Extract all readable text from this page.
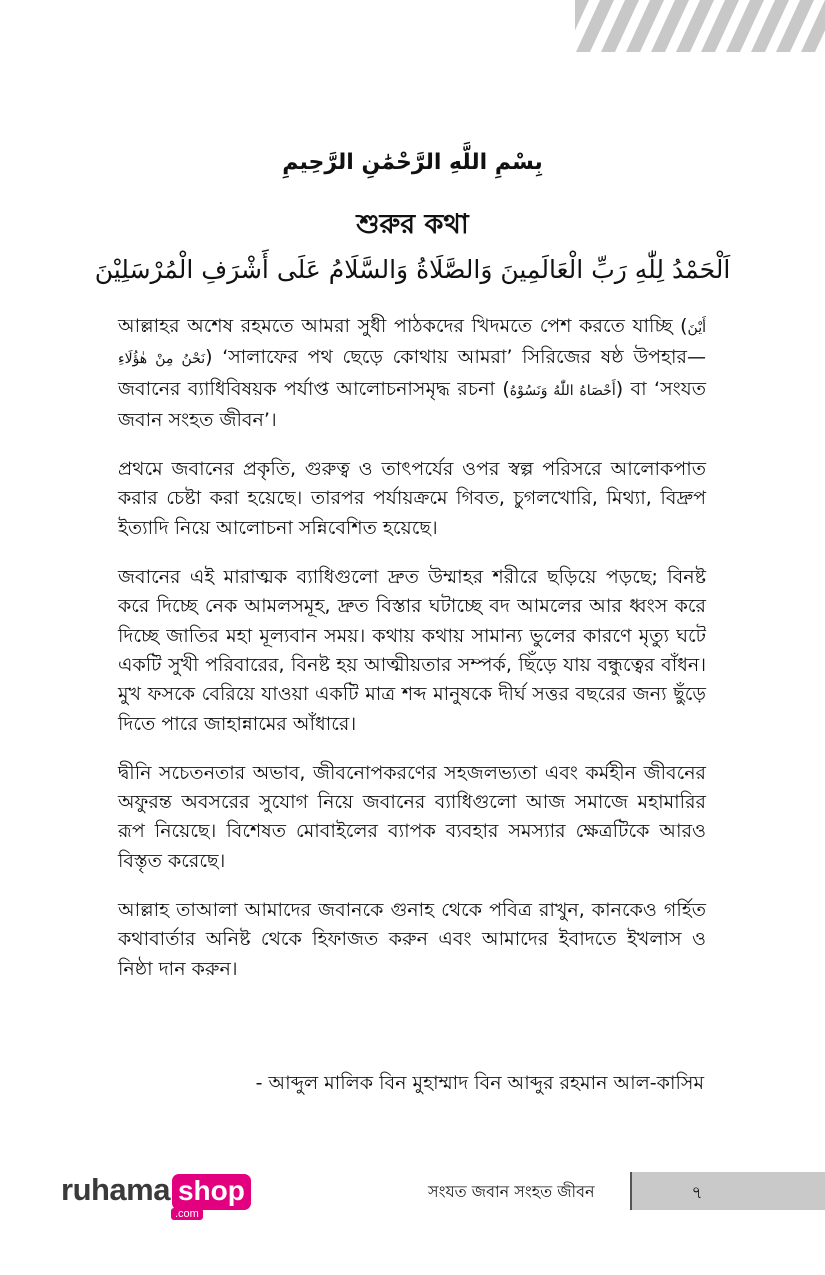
بِسْمِ اللَّهِ الرَّحْمَٰنِ الرَّحِيمِ
শুরুর কথা
اَلْحَمْدُ لِلّٰهِ رَبِّ الْعَالَمِينَ وَالصَّلَاةُ وَالسَّلَامُ عَلَى أَشْرَفِ الْمُرْسَلِيْنَ

আল্লাহর অশেষ রহমতে আমরা সুধী পাঠকদের খিদমতে পেশ করতে যাচ্ছি (أَيْنَ نَحْنُ مِنْ هٰؤُلَاءِ) ‘সালাফের পথ ছেড়ে কোথায় আমরা’ সিরিজের ষষ্ঠ উপহার—জবানের ব্যাধিবিষয়ক পর্যাপ্ত আলোচনাসমৃদ্ধ রচনা (أَحْصَاهُ اللّٰهُ وَنَسُوْهُ) বা ‘সংযত জবান সংহত জীবন’।

প্রথমে জবানের প্রকৃতি, গুরুত্ব ও তাৎপর্যের ওপর স্বল্প পরিসরে আলোকপাত করার চেষ্টা করা হয়েছে। তারপর পর্যায়ক্রমে গিবত, চুগলখোরি, মিথ্যা, বিদ্রুপ ইত্যাদি নিয়ে আলোচনা সন্নিবেশিত হয়েছে।

জবানের এই মারাত্মক ব্যাধিগুলো দ্রুত উম্মাহর শরীরে ছড়িয়ে পড়ছে; বিনষ্ট করে দিচ্ছে নেক আমলসমূহ, দ্রুত বিস্তার ঘটাচ্ছে বদ আমলের আর ধ্বংস করে দিচ্ছে জাতির মহা মূল্যবান সময়। কথায় কথায় সামান্য ভুলের কারণে মৃত্যু ঘটে একটি সুখী পরিবারের, বিনষ্ট হয় আত্মীয়তার সম্পর্ক, ছিঁড়ে যায় বন্ধুত্বের বাঁধন। মুখ ফসকে বেরিয়ে যাওয়া একটি মাত্র শব্দ মানুষকে দীর্ঘ সত্তর বছরের জন্য ছুঁড়ে দিতে পারে জাহান্নামের আঁধারে।

দ্বীনি সচেতনতার অভাব, জীবনোপকরণের সহজলভ্যতা এবং কর্মহীন জীবনের অফুরন্ত অবসরের সুযোগ নিয়ে জবানের ব্যাধিগুলো আজ সমাজে মহামারির রূপ নিয়েছে। বিশেষত মোবাইলের ব্যাপক ব্যবহার সমস্যার ক্ষেত্রটিকে আরও বিস্তৃত করেছে।

আল্লাহ তাআলা আমাদের জবানকে গুনাহ থেকে পবিত্র রাখুন, কানকেও গর্হিত কথাবার্তার অনিষ্ট থেকে হিফাজত করুন এবং আমাদের ইবাদতে ইখলাস ও নিষ্ঠা দান করুন।

- আব্দুল মালিক বিন মুহাম্মাদ বিন আব্দুর রহমান আল-কাসিম
ruhama shop
.com
সংযত জবান সংহত জীবন	৭
